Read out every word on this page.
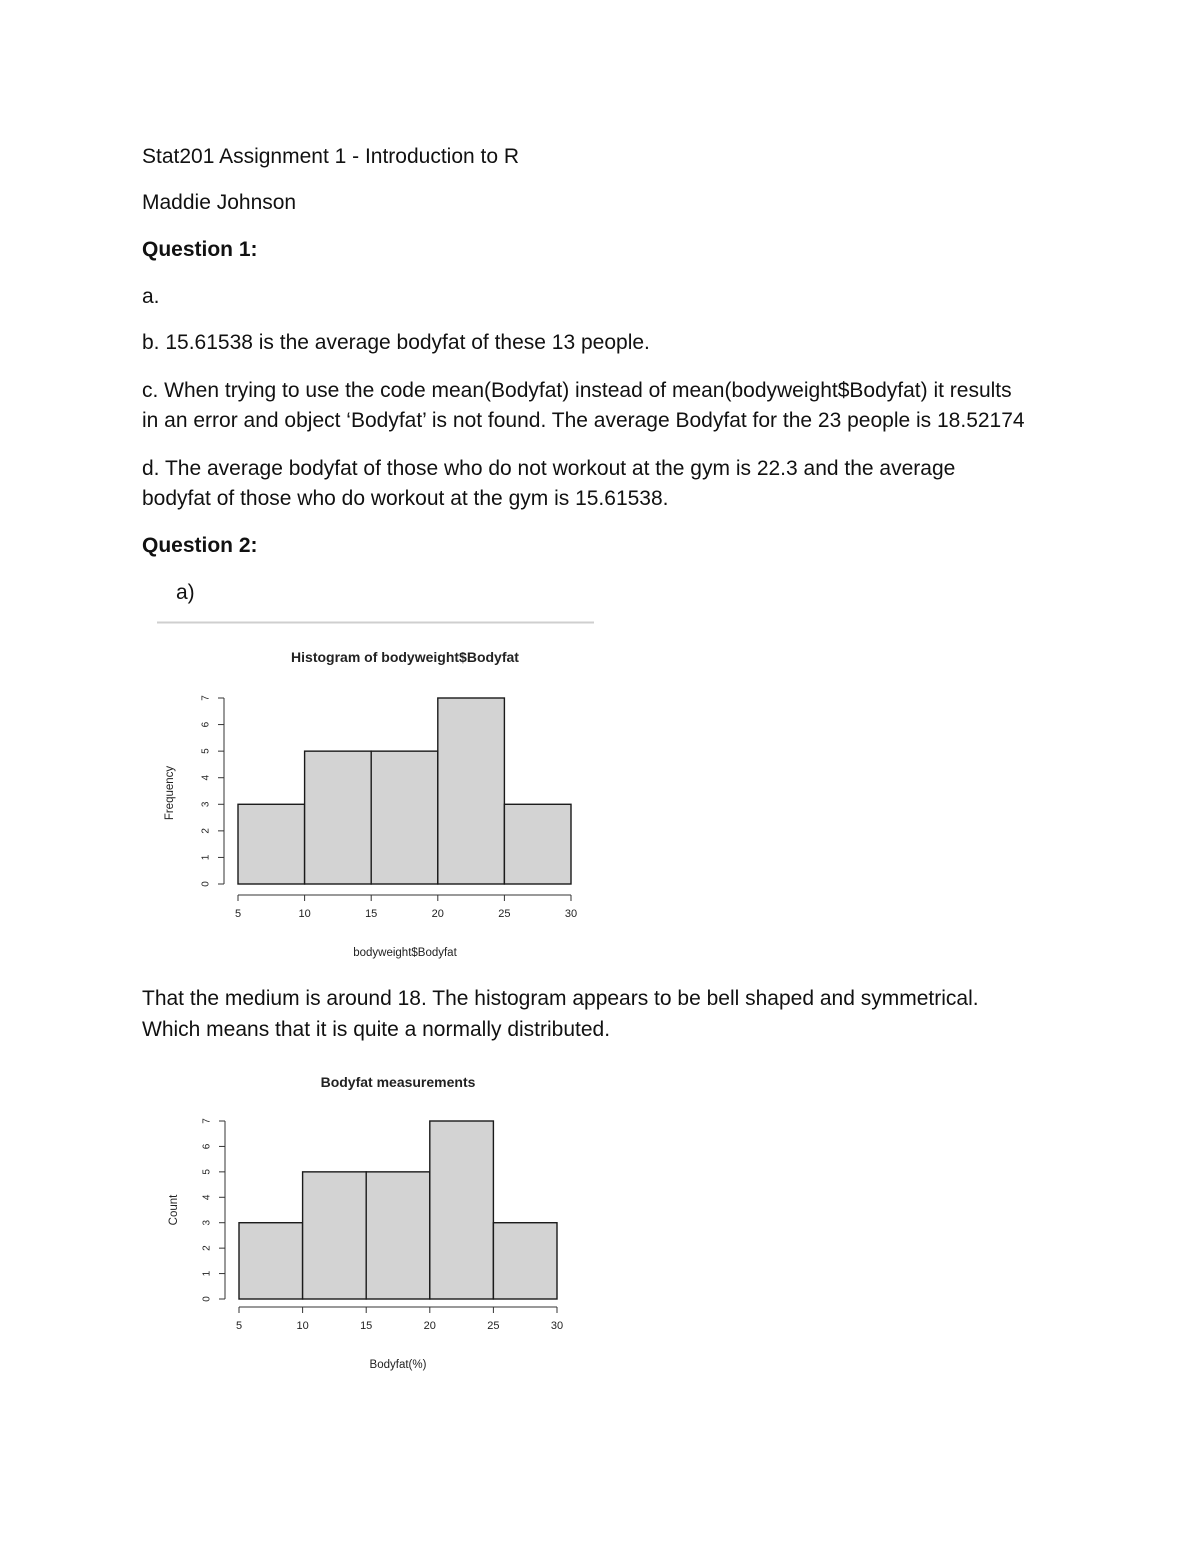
Stat201 Assignment 1 - Introduction to R

Maddie Johnson

Question 1:

a.

b. 15.61538 is the average bodyfat of these 13 people.

c. When trying to use the code mean(Bodyfat) instead of mean(bodyweight$Bodyfat) it results

in an error and object ‘Bodyfat’ is not found. The average Bodyfat for the 23 people is 18.52174

d. The average bodyfat of those who do not workout at the gym is 22.3 and the average

bodyfat of those who do workout at the gym is 15.61538.

Question 2:

a)

Histogram of bodyweight$Bodyfat
5	10	15	20	25	30
0
1
2
3
4
5
6
7
bodyweight$Bodyfat
Frequency

That the medium is around 18. The histogram appears to be bell shaped and symmetrical.

Which means that it is quite a normally distributed.

Bodyfat measurements
5	10	15	20	25	30
0
1
2
3
4
5
6
7
Bodyfat(%)
Count
